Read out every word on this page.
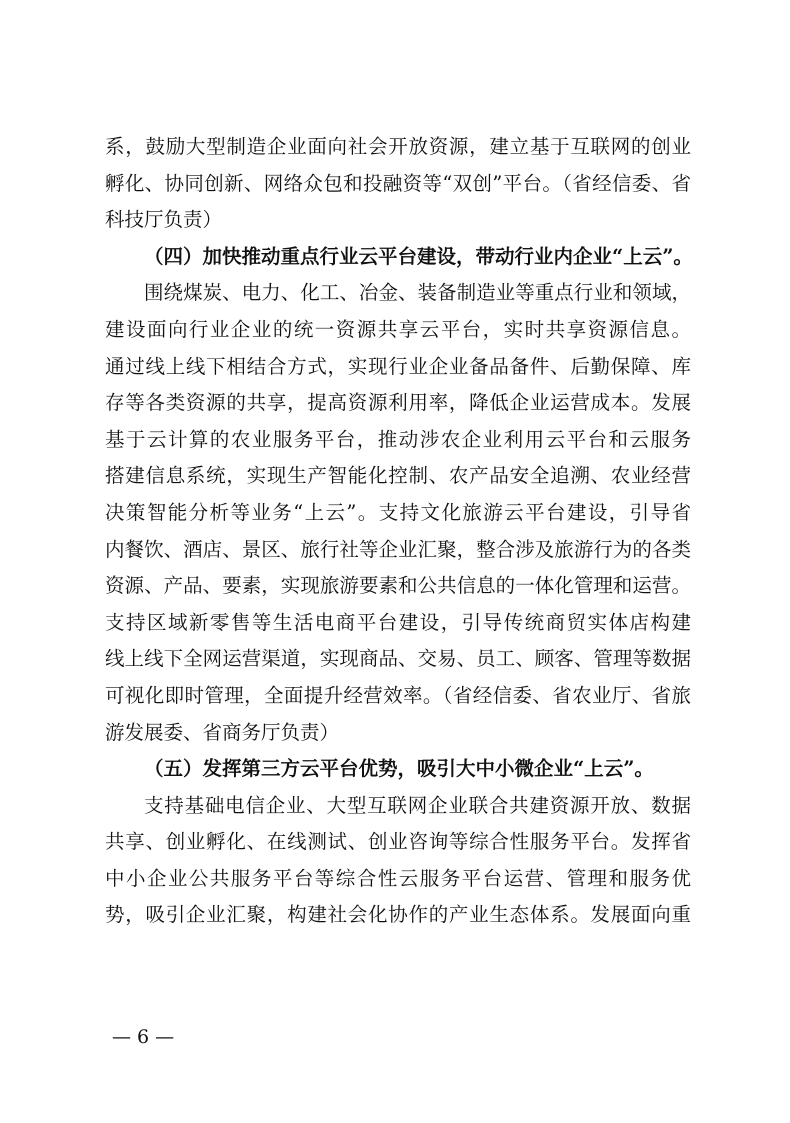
系，鼓励大型制造企业面向社会开放资源，建立基于互联网的创业
孵化、协同创新、网络众包和投融资等“双创”平台。（省经信委、省
科技厅负责）
（四）加快推动重点行业云平台建设，带动行业内企业“上云”。
围绕煤炭、电力、化工、冶金、装备制造业等重点行业和领域，
建设面向行业企业的统一资源共享云平台，实时共享资源信息。
通过线上线下相结合方式，实现行业企业备品备件、后勤保障、库
存等各类资源的共享，提高资源利用率，降低企业运营成本。发展
基于云计算的农业服务平台，推动涉农企业利用云平台和云服务
搭建信息系统，实现生产智能化控制、农产品安全追溯、农业经营
决策智能分析等业务“上云”。支持文化旅游云平台建设，引导省
内餐饮、酒店、景区、旅行社等企业汇聚，整合涉及旅游行为的各类
资源、产品、要素，实现旅游要素和公共信息的一体化管理和运营。
支持区域新零售等生活电商平台建设，引导传统商贸实体店构建
线上线下全网运营渠道，实现商品、交易、员工、顾客、管理等数据
可视化即时管理，全面提升经营效率。（省经信委、省农业厅、省旅
游发展委、省商务厅负责）
（五）发挥第三方云平台优势，吸引大中小微企业“上云”。
支持基础电信企业、大型互联网企业联合共建资源开放、数据
共享、创业孵化、在线测试、创业咨询等综合性服务平台。发挥省
中小企业公共服务平台等综合性云服务平台运营、管理和服务优
势，吸引企业汇聚，构建社会化协作的产业生态体系。发展面向重
— 6 —
